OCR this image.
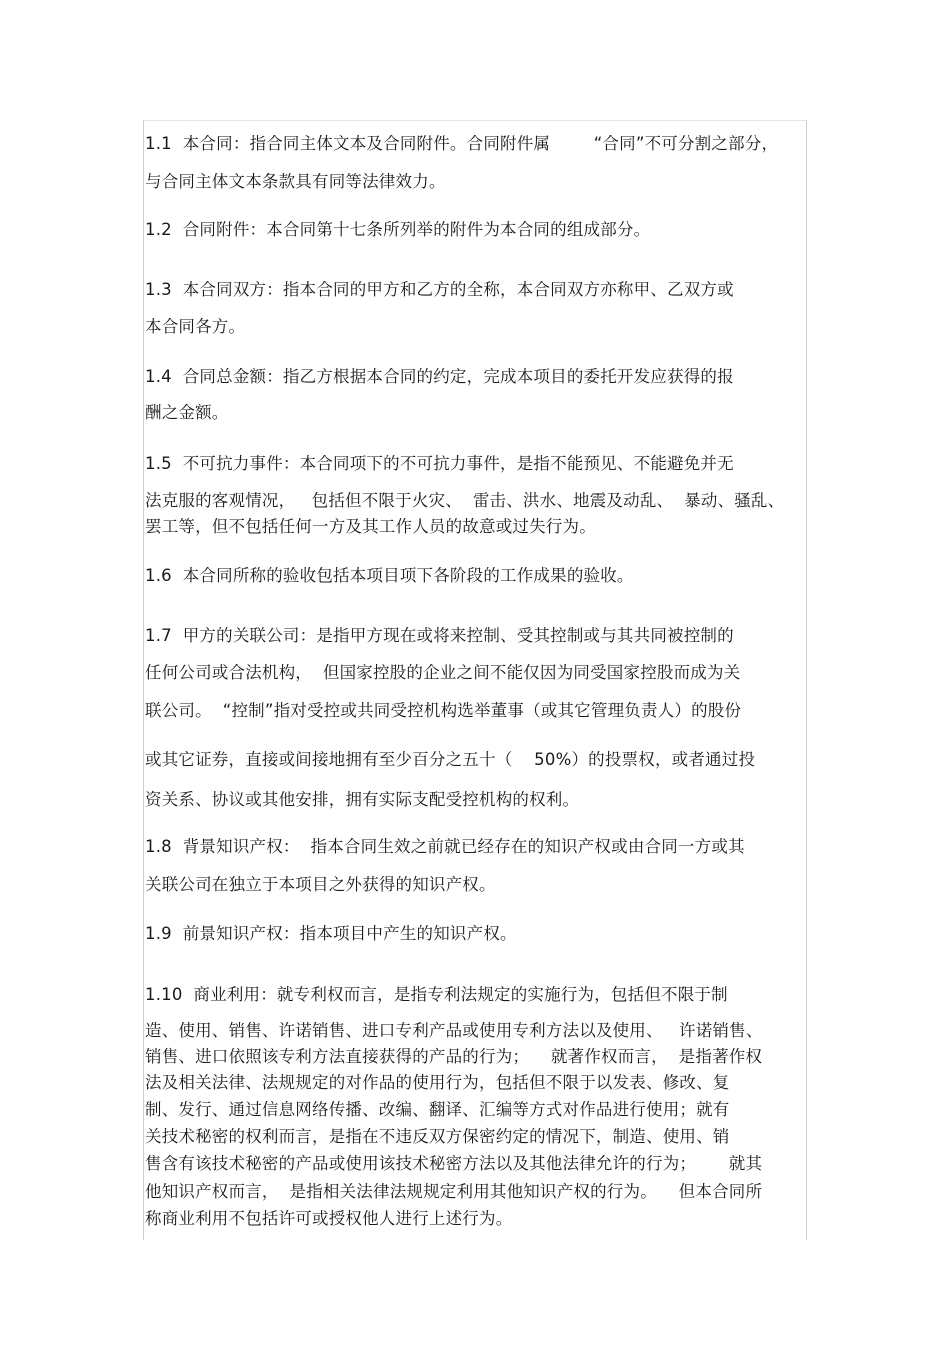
1.1  本合同：指合同主体文本及合同附件。合同附件属        “合同”不可分割之部分，
与合同主体文本条款具有同等法律效力。
1.2  合同附件：本合同第十七条所列举的附件为本合同的组成部分。
1.3  本合同双方：指本合同的甲方和乙方的全称，本合同双方亦称甲、乙双方或
本合同各方。
1.4  合同总金额：指乙方根据本合同的约定，完成本项目的委托开发应获得的报
酬之金额。
1.5  不可抗力事件：本合同项下的不可抗力事件，是指不能预见、不能避免并无
法克服的客观情况，   包括但不限于火灾、  雷击、洪水、地震及动乱、  暴动、骚乱、
罢工等，但不包括任何一方及其工作人员的故意或过失行为。
1.6  本合同所称的验收包括本项目项下各阶段的工作成果的验收。
1.7  甲方的关联公司：是指甲方现在或将来控制、受其控制或与其共同被控制的
任何公司或合法机构，  但国家控股的企业之间不能仅因为同受国家控股而成为关
联公司。  “控制”指对受控或共同受控机构选举董事（或其它管理负责人）的股份
或其它证券，直接或间接地拥有至少百分之五十（    50%）的投票权，或者通过投
资关系、协议或其他安排，拥有实际支配受控机构的权利。
1.8  背景知识产权：  指本合同生效之前就已经存在的知识产权或由合同一方或其
关联公司在独立于本项目之外获得的知识产权。
1.9  前景知识产权：指本项目中产生的知识产权。
1.10  商业利用：就专利权而言，是指专利法规定的实施行为，包括但不限于制
造、使用、销售、许诺销售、进口专利产品或使用专利方法以及使用、   许诺销售、
销售、进口依照该专利方法直接获得的产品的行为；    就著作权而言，  是指著作权
法及相关法律、法规规定的对作品的使用行为，包括但不限于以发表、修改、复
制、发行、通过信息网络传播、改编、翻译、汇编等方式对作品进行使用；就有
关技术秘密的权利而言，是指在不违反双方保密约定的情况下，制造、使用、销
售含有该技术秘密的产品或使用该技术秘密方法以及其他法律允许的行为；      就其
他知识产权而言，  是指相关法律法规规定利用其他知识产权的行为。    但本合同所
称商业利用不包括许可或授权他人进行上述行为。
